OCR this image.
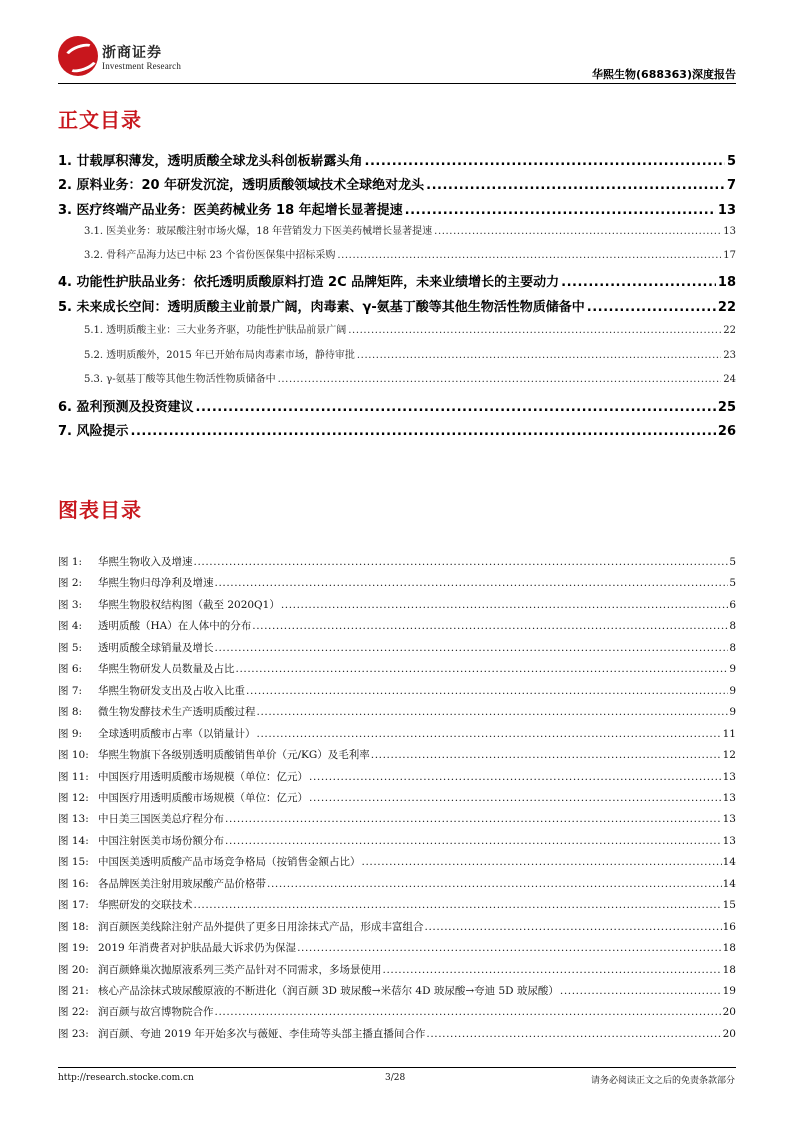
浙商证券
Investment Research
华熙生物(688363)深度报告
正文目录
图表目录
http://research.stocke.com.cn	3/28	请务必阅读正文之后的免责条款部分
1. 廿载厚积薄发，透明质酸全球龙头科创板崭露头角 .....	5
2. 原料业务：20 年研发沉淀，透明质酸领域技术全球绝对龙头 .....	7
3. 医疗终端产品业务：医美药械业务 18 年起增长显著提速 .....	13
3.1. 医美业务：玻尿酸注射市场火爆，18 年营销发力下医美药械增长显著提速 .....	13
3.2. 骨科产品海力达已中标 23 个省份医保集中招标采购 .....	17
4. 功能性护肤品业务：依托透明质酸原料打造 2C 品牌矩阵，未来业绩增长的主要动力 .....	18
5. 未来成长空间：透明质酸主业前景广阔，肉毒素、γ-氨基丁酸等其他生物活性物质储备中 .....	22
5.1. 透明质酸主业：三大业务齐驱，功能性护肤品前景广阔 .....	22
5.2. 透明质酸外，2015 年已开始布局肉毒素市场，静待审批 .....	23
5.3. γ-氨基丁酸等其他生物活性物质储备中 .....	24
6. 盈利预测及投资建议 .....	25
7. 风险提示 .....	26
图 1:	华熙生物收入及增速 .....	5
图 2:	华熙生物归母净利及增速 .....	5
图 3:	华熙生物股权结构图（截至 2020Q1） .....	6
图 4:	透明质酸（HA）在人体中的分布 .....	8
图 5:	透明质酸全球销量及增长 .....	8
图 6:	华熙生物研发人员数量及占比 .....	9
图 7:	华熙生物研发支出及占收入比重 .....	9
图 8:	微生物发酵技术生产透明质酸过程 .....	9
图 9:	全球透明质酸市占率（以销量计） .....	11
图 10: 华熙生物旗下各级别透明质酸销售单价（元/KG）及毛利率 .....	12
图 11: 中国医疗用透明质酸市场规模（单位：亿元） .....	13
图 12: 中国医疗用透明质酸市场规模（单位：亿元） .....	13
图 13: 中日美三国医美总疗程分布 .....	13
图 14: 中国注射医美市场份额分布 .....	13
图 15: 中国医美透明质酸产品市场竞争格局（按销售金额占比） .....	14
图 16: 各品牌医美注射用玻尿酸产品价格带 .....	14
图 17: 华熙研发的交联技术 .....	15
图 18: 润百颜医美线除注射产品外提供了更多日用涂抹式产品，形成丰富组合 .....	16
图 19: 2019 年消费者对护肤品最大诉求仍为保湿 .....	18
图 20: 润百颜蜂巢次抛原液系列三类产品针对不同需求，多场景使用 .....	18
图 21: 核心产品涂抹式玻尿酸原液的不断进化（润百颜 3D 玻尿酸→米蓓尔 4D 玻尿酸→夸迪 5D 玻尿酸） .....	19
图 22: 润百颜与故宫博物院合作 .....	20
图 23: 润百颜、夸迪 2019 年开始多次与薇娅、李佳琦等头部主播直播间合作 .....	20
